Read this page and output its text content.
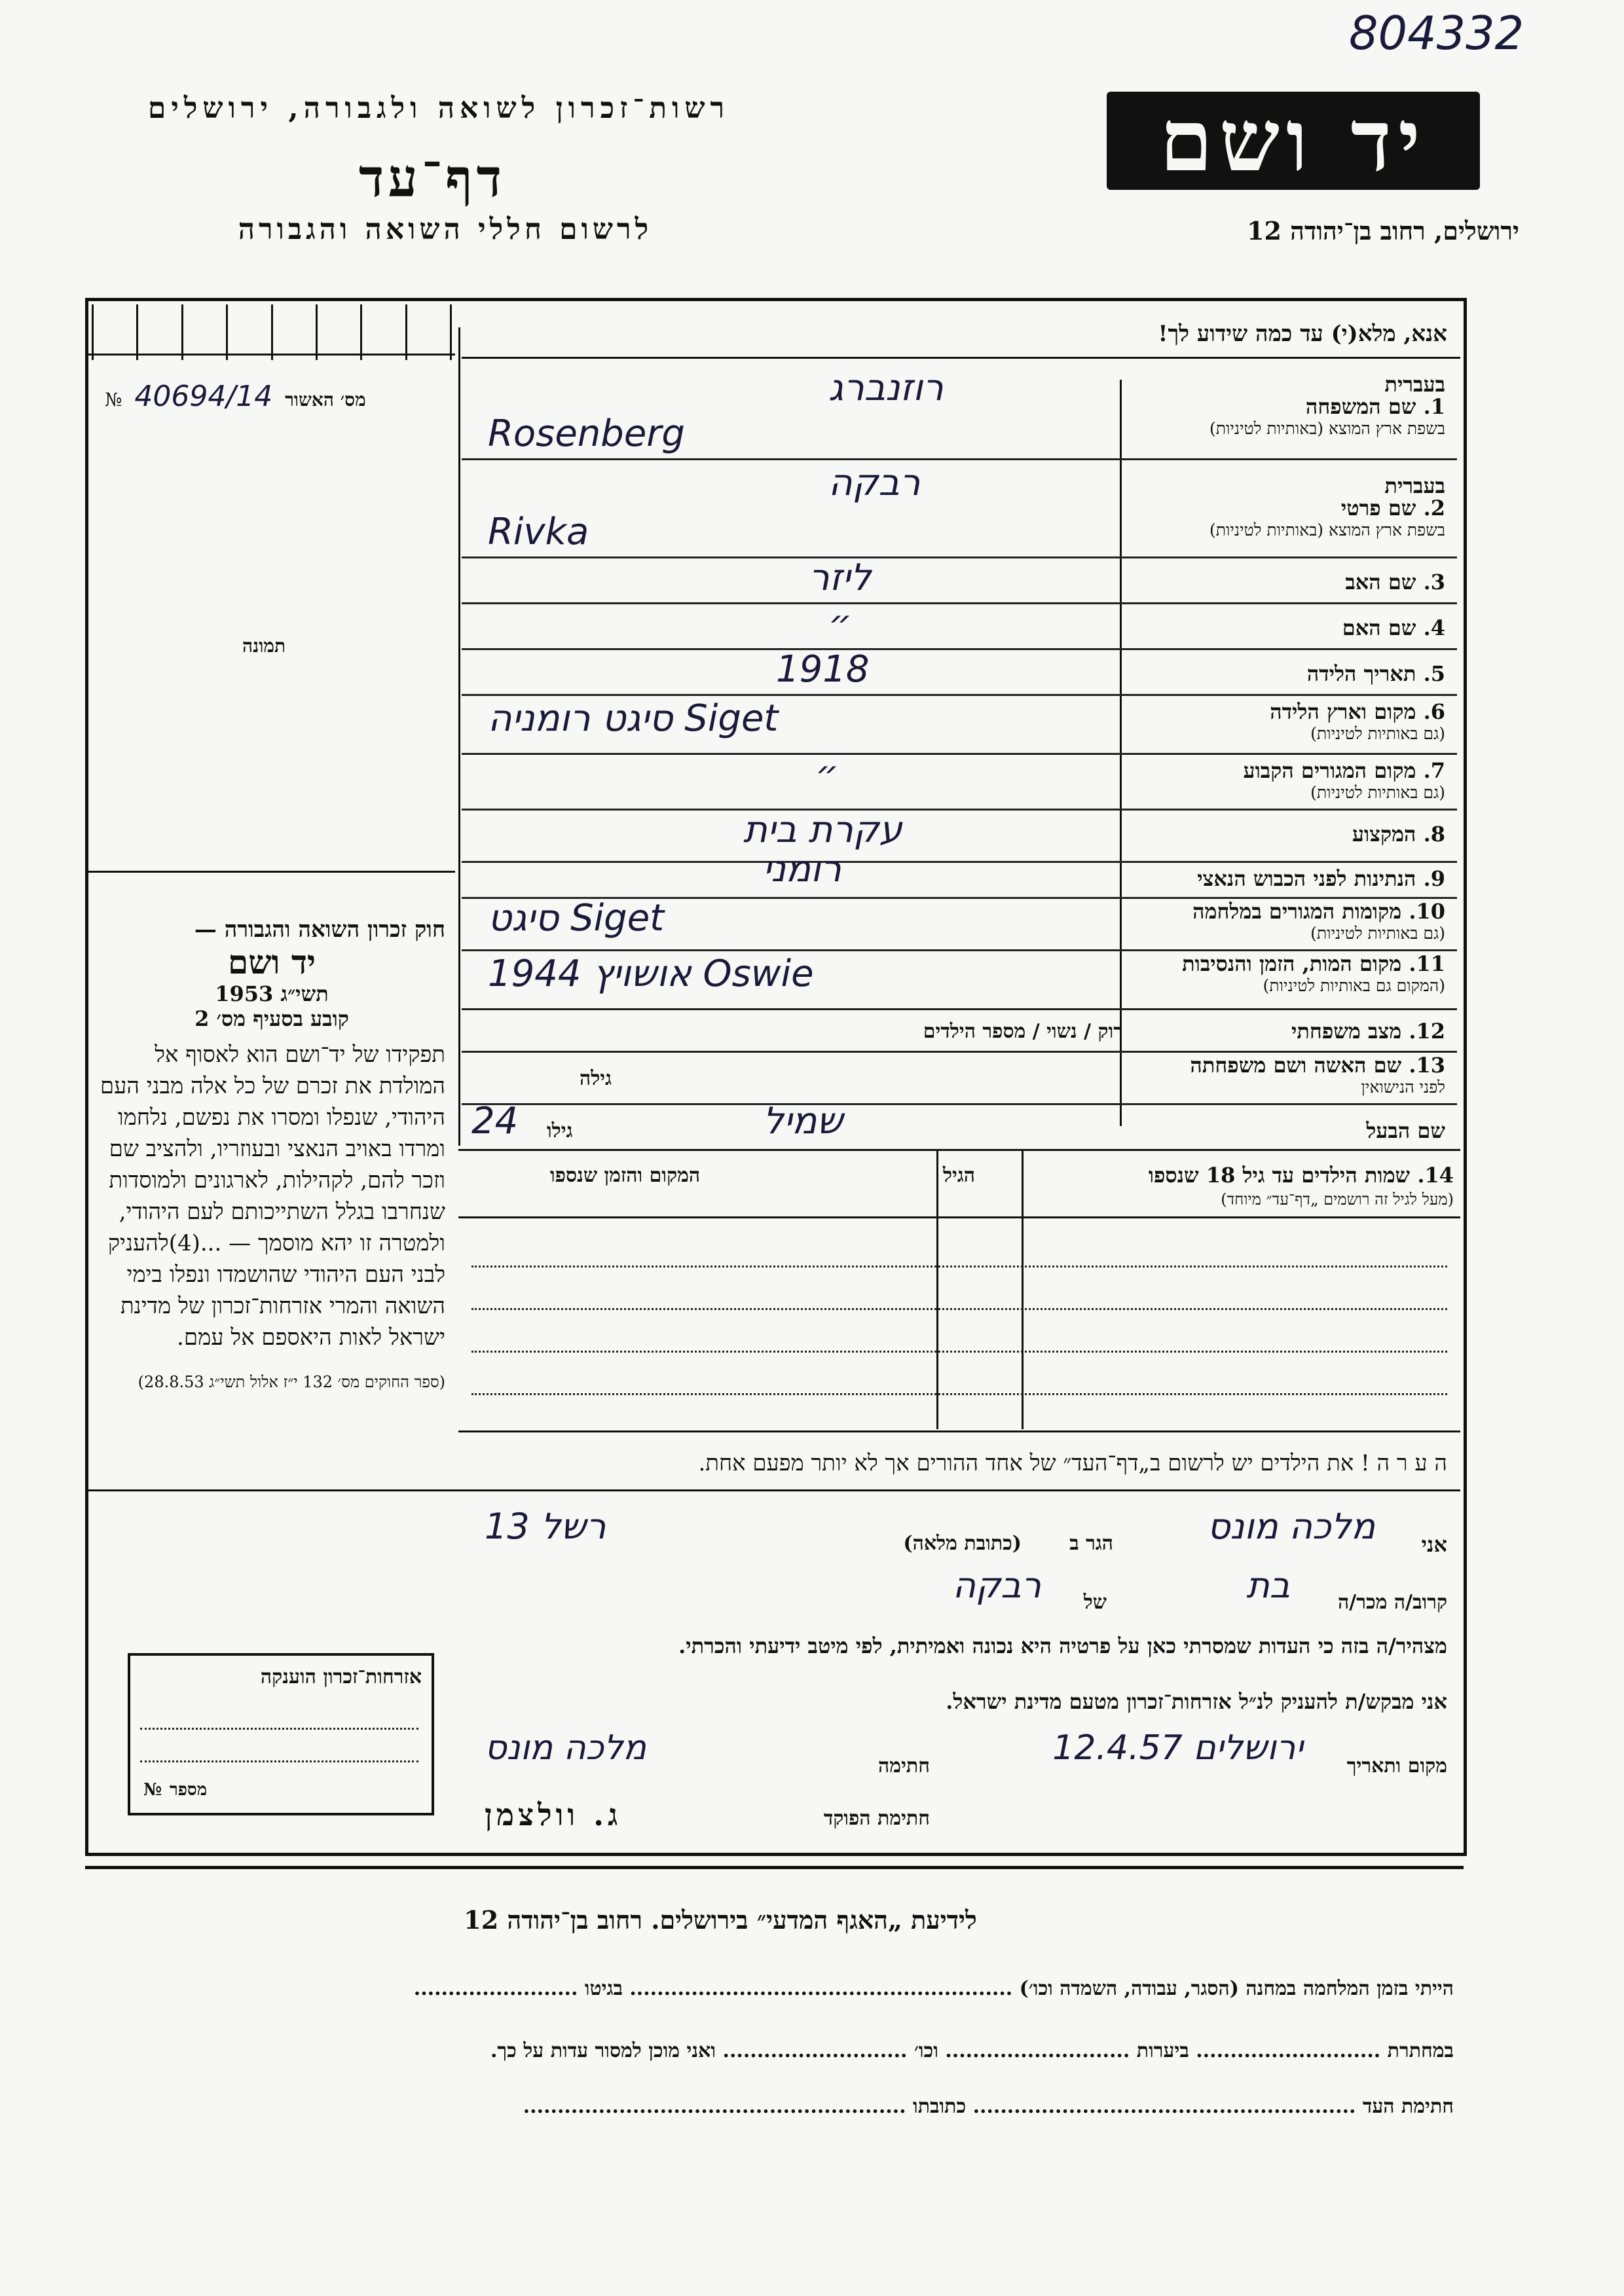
804332
רשות־זכרון לשואה ולגבורה, ירושלים
דף־עד
לרשום חללי השואה והגבורה
יד ושם
ירושלים, רחוב בן־יהודה 12
אנא, מלא(י) עד כמה שידוע לך!
№ 40694/14 מס׳ האשור
תמונה
חוק זכרון השואה והגבורה —
יד ושם
תשי״ג 1953
קובע בסעיף מס׳ 2
תפקידו של יד־ושם הוא לאסוף אל המולדת את זכרם של כל אלה מבני העם היהודי, שנפלו ומסרו את נפשם, נלחמו ומרדו באויב הנאצי ובעוזריו, ולהציב שם וזכר להם, לקהילות, לארגונים ולמוסדות שנחרבו בגלל השתייכותם לעם היהודי, ולמטרה זו יהא מוסמך — ...(4)להעניק לבני העם היהודי שהושמדו ונפלו בימי השואה והמרי אזרחות־זכרון של מדינת ישראל לאות היאספם אל עמם.
(ספר החוקים מס׳ 132 י״ז אלול תשי״ג 28.8.53)
בעברית
1. שם המשפחה
בשפת ארץ המוצא (באותיות לטיניות)
רוזנברג
Rosenberg
בעברית
2. שם פרטי
בשפת ארץ המוצא (באותיות לטיניות)
רבקה
Rivka
3. שם האב
ליזר
4. שם האם
״
5. תאריך הלידה
1918
6. מקום וארץ הלידה
(גם באותיות לטיניות)
סיגט רומניה Siget
7. מקום המגורים הקבוע
(גם באותיות לטיניות)
״
8. המקצוע
עקרת בית
9. הנתינות לפני הכבוש הנאצי
רומני
10. מקומות המגורים במלחמה
(גם באותיות לטיניות)
סיגט Siget
11. מקום המות, הזמן והנסיבות
(המקום גם באותיות לטיניות)
אושויץ 1944 Oswie
12. מצב משפחתי
רוק / נשוי / מספר הילדים
13. שם האשה ושם משפחתה
לפני הנישואין
גילה
שם הבעל
שמיל
גילו
24
14. שמות הילדים עד גיל 18 שנספו
(מעל לגיל זה רושמים „דף־עד״ מיוחד)
הגיל
המקום והזמן שנספו
ה ע ר ה ! את הילדים יש לרשום ב„דף־העד״ של אחד ההורים אך לא יותר מפעם אחת.
אני
מלכה מונס
הגר ב
(כתובת מלאה)
רשל 13
קרוב/ה מכר/ה
בת
של
רבקה
מצהיר/ה בזה כי העדות שמסרתי כאן על פרטיה היא נכונה ואמיתית, לפי מיטב ידיעתי והכרתי.
אני מבקש/ת להעניק לנ״ל אזרחות־זכרון מטעם מדינת ישראל.
מקום ותאריך
ירושלים 12.4.57
חתימה
מלכה מונס
חתימת הפוקד
ג. וולצמן
אזרחות־זכרון הוענקה
№ מספר
לידיעת „האגף המדעי״ בירושלים. רחוב בן־יהודה 12
הייתי בזמן המלחמה במחנה (הסגר, עבודה, השמדה וכו׳) ........................................................ בגיטו ........................
במחתרת ........................... ביערות ........................... וכו׳ ........................... ואני מוכן למסור עדות על כך.
חתימת העד ........................................................ כתובתו ........................................................
